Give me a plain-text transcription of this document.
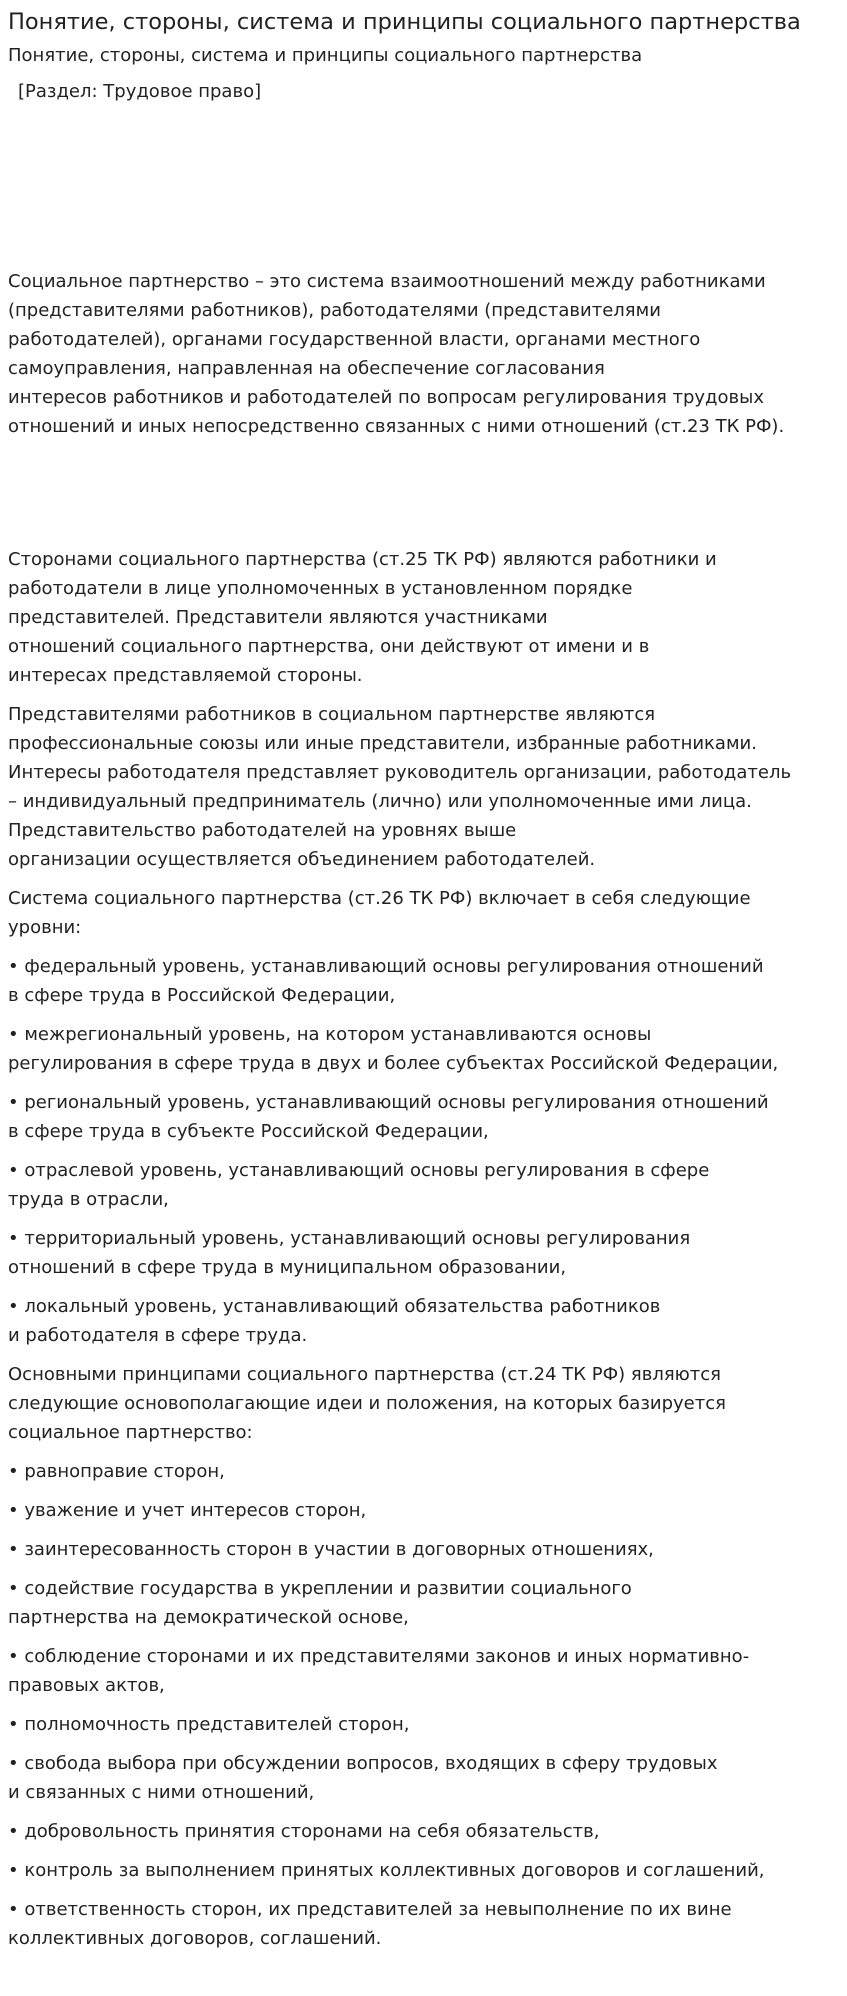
Понятие, стороны, система и принципы социального партнерства
Понятие, стороны, система и принципы социального партнерства
[Раздел: Трудовое право]

Социальное партнерство – это система взаимоотношений между работниками
(представителями работников), работодателями (представителями
работодателей), органами государственной власти, органами местного
самоуправления, направленная на обеспечение согласования
интересов работников и работодателей по вопросам регулирования трудовых
отношений и иных непосредственно связанных с ними отношений (ст.23 ТК РФ).

Сторонами социального партнерства (ст.25 ТК РФ) являются работники и
работодатели в лице уполномоченных в установленном порядке
представителей. Представители являются участниками
отношений социального партнерства, они действуют от имени и в
интересах представляемой стороны.

Представителями работников в социальном партнерстве являются
профессиональные союзы или иные представители, избранные работниками.
Интересы работодателя представляет руководитель организации, работодатель
– индивидуальный предприниматель (лично) или уполномоченные ими лица.
Представительство работодателей на уровнях выше
организации осуществляется объединением работодателей.

Система социального партнерства (ст.26 ТК РФ) включает в себя следующие
уровни:

• федеральный уровень, устанавливающий основы регулирования отношений
в сфере труда в Российской Федерации,
• межрегиональный уровень, на котором устанавливаются основы
регулирования в сфере труда в двух и более субъектах Российской Федерации,
• региональный уровень, устанавливающий основы регулирования отношений
в сфере труда в субъекте Российской Федерации,
• отраслевой уровень, устанавливающий основы регулирования в сфере
труда в отрасли,
• территориальный уровень, устанавливающий основы регулирования
отношений в сфере труда в муниципальном образовании,
• локальный уровень, устанавливающий обязательства работников
и работодателя в сфере труда.

Основными принципами социального партнерства (ст.24 ТК РФ) являются
следующие основополагающие идеи и положения, на которых базируется
социальное партнерство:

• равноправие сторон,
• уважение и учет интересов сторон,
• заинтересованность сторон в участии в договорных отношениях,
• содействие государства в укреплении и развитии социального
партнерства на демократической основе,
• соблюдение сторонами и их представителями законов и иных нормативно-
правовых актов,
• полномочность представителей сторон,
• свобода выбора при обсуждении вопросов, входящих в сферу трудовых
и связанных с ними отношений,
• добровольность принятия сторонами на себя обязательств,
• контроль за выполнением принятых коллективных договоров и соглашений,
• ответственность сторон, их представителей за невыполнение по их вине
коллективных договоров, соглашений.
